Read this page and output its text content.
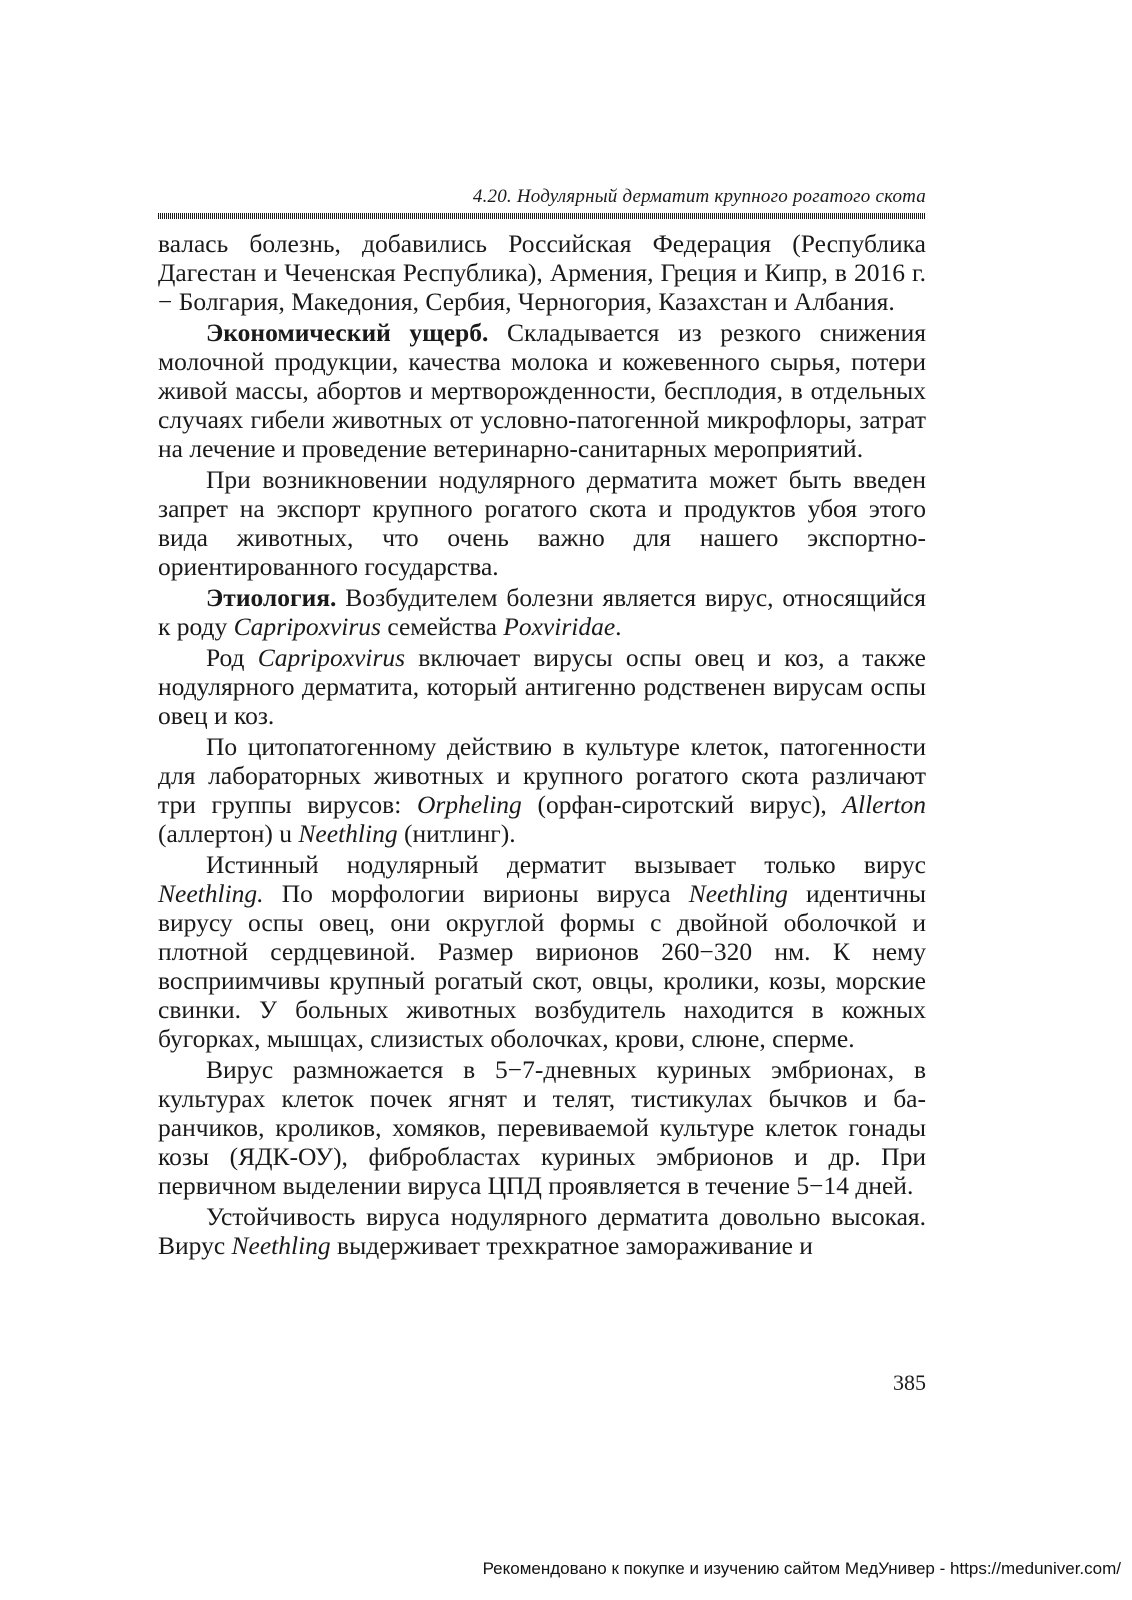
4.20. Нодулярный дерматит крупного рогатого скота

валась болезнь, добавились Российская Федерация (Республика Дагестан и Чеченская Республика), Армения, Греция и Кипр, в 2016 г. − Болгария, Македония, Сербия, Черногория, Казахстан и Албания.

Экономический ущерб. Складывается из резкого снижения молочной продукции, качества молока и кожевенного сырья, потери живой массы, абортов и мертворожденности, бесплодия, в отдельных случаях гибели животных от условно-патогенной микрофлоры, затрат на лечение и проведение ветеринарно-санитарных мероприятий.

При возникновении нодулярного дерматита может быть введен запрет на экспорт крупного рогатого скота и продуктов убоя этого вида животных, что очень важно для нашего экспортно-ориентированного государства.

Этиология. Возбудителем болезни является вирус, относящийся к роду Capripoxvirus семейства Poxviridae.

Род Capripoxvirus включает вирусы оспы овец и коз, а также нодулярного дерматита, который антигенно родственен вирусам оспы овец и коз.

По цитопатогенному действию в культуре клеток, патогенности для лабораторных животных и крупного рогатого скота различают три группы вирусов: Orpheling (орфан-сиротский вирус), Allerton (аллертон) u Neethling (нитлинг).

Истинный нодулярный дерматит вызывает только вирус Neethling. По морфологии вирионы вируса Neethling идентичны вирусу оспы овец, они округлой формы с двойной оболочкой и плотной сердцевиной. Размер вирионов 260−320 нм. К нему восприимчивы крупный рогатый скот, овцы, кролики, козы, морские свинки. У больных животных возбудитель находится в кожных бугорках, мышцах, слизистых оболочках, крови, слюне, сперме.

Вирус размножается в 5−7-дневных куриных эмбрионах, в культурах клеток почек ягнят и телят, тистикулах бычков и баранчиков, кроликов, хомяков, перевиваемой культуре клеток гонады козы (ЯДК-ОУ), фибробластах куриных эмбрионов и др. При первичном выделении вируса ЦПД проявляется в течение 5−14 дней.

Устойчивость вируса нодулярного дерматита довольно высокая. Вирус Neethling выдерживает трехкратное замораживание и

385
Рекомендовано к покупке и изучению сайтом МедУнивер - https://meduniver.com/
